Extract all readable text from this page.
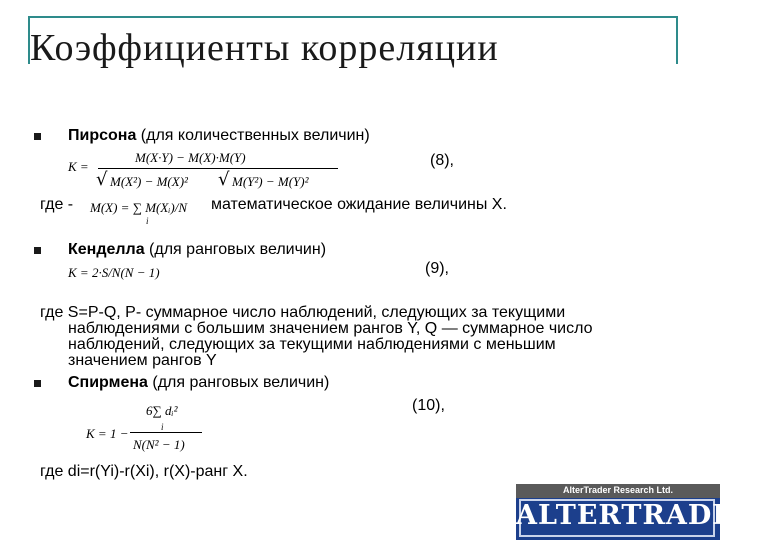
Коэффициенты корреляции
Пирсона (для количественных величин)
K =
M(X·Y) − M(X)·M(Y)
√ M(X²) − M(X)² √ M(Y²) − M(Y)²
(8),
где - M(X) = ∑ M(Xᵢ)/N
i
математическое ожидание величины X.
Кенделла (для ранговых величин)
K = 2·S/N(N − 1)	(9),
где S=P-Q, P- суммарное число наблюдений, следующих за текущими
наблюдениями с большим значением рангов Y, Q — суммарное число
наблюдений, следующих за текущими наблюдениями с меньшим
значением рангов Y
Спирмена (для ранговых величин)
(10),
6∑ dᵢ²
i
K = 1 −
N(N² − 1)
где di=r(Yi)-r(Xi), r(X)-ранг X.
AlterTrader Research Ltd.
ALTERTRADER
